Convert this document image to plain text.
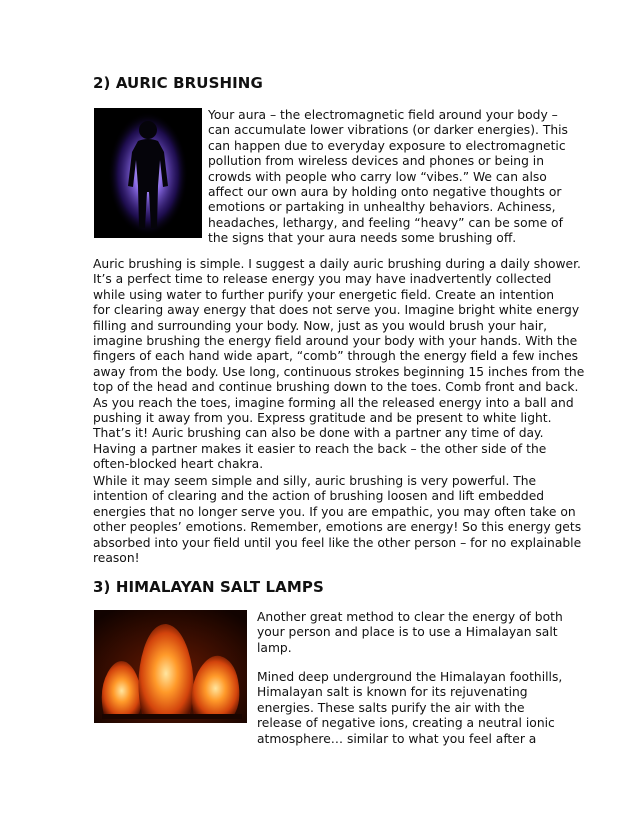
2) AURIC BRUSHING
Your aura – the electromagnetic field around your body –
can accumulate lower vibrations (or darker energies). This
can happen due to everyday exposure to electromagnetic
pollution from wireless devices and phones or being in
crowds with people who carry low “vibes.” We can also
affect our own aura by holding onto negative thoughts or
emotions or partaking in unhealthy behaviors. Achiness,
headaches, lethargy, and feeling “heavy” can be some of
the signs that your aura needs some brushing off.
Auric brushing is simple. I suggest a daily auric brushing during a daily shower.
It’s a perfect time to release energy you may have inadvertently collected
while using water to further purify your energetic field. Create an intention
for clearing away energy that does not serve you. Imagine bright white energy
filling and surrounding your body. Now, just as you would brush your hair,
imagine brushing the energy field around your body with your hands. With the
fingers of each hand wide apart, “comb” through the energy field a few inches
away from the body. Use long, continuous strokes beginning 15 inches from the
top of the head and continue brushing down to the toes. Comb front and back.
As you reach the toes, imagine forming all the released energy into a ball and
pushing it away from you. Express gratitude and be present to white light.
That’s it! Auric brushing can also be done with a partner any time of day.
Having a partner makes it easier to reach the back – the other side of the
often-blocked heart chakra.
While it may seem simple and silly, auric brushing is very powerful. The
intention of clearing and the action of brushing loosen and lift embedded
energies that no longer serve you. If you are empathic, you may often take on
other peoples’ emotions. Remember, emotions are energy! So this energy gets
absorbed into your field until you feel like the other person – for no explainable
reason!
3) HIMALAYAN SALT LAMPS
Another great method to clear the energy of both
your person and place is to use a Himalayan salt
lamp.
Mined deep underground the Himalayan foothills,
Himalayan salt is known for its rejuvenating
energies. These salts purify the air with the
release of negative ions, creating a neutral ionic
atmosphere… similar to what you feel after a
